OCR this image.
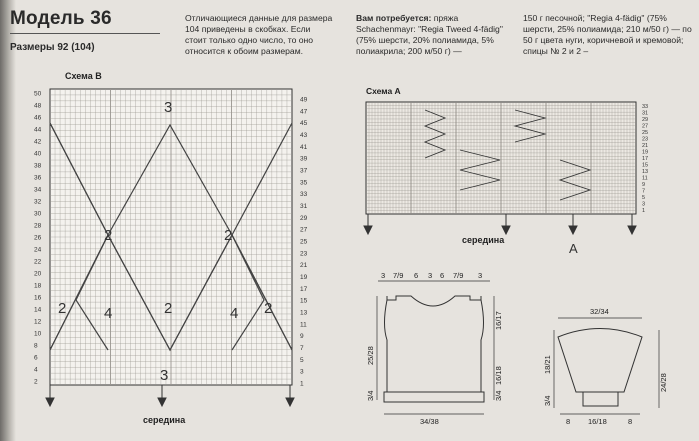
Модель 36
Размеры 92 (104)
Отличающиеся данные для размера 104 приведены в скобках. Если стоит только одно число, то оно относится к обоим размерам.
Вам потребуется: пряжа Schachenmayr: "Regia Tweed 4-fädig" (75% шерсти, 20% полиамида, 5% полиакрила; 200 м/50 г) —
150 г песочной; "Regia 4-fädig" (75% шерсти, 25% полиамида; 210 м/50 г) — по 50 г цвета нуги, коричневой и кремовой; спицы № 2 и 2 –
Схема B
50
48
46
44
42
40
38
36
34
32
30
28
26
24
22
20
18
16
14
12
10
8
6
4
2
49
47
45
43
41
39
37
35
33
31
29
27
25
23
21
19
17
15
13
11
9
7
5
3
1
3
2	2
2	4	2	4 2
3
середина
Схема A
33
31
29
27
25
23
21
19
17
15
13
11
9
7
5
3
1
середина
A
3 7/9 6 3 6 7/9 3
25/28
3/4
16/17
16/18
3/4
34/38
32/34
18/21
3/4
24/28
8 16/18	8
